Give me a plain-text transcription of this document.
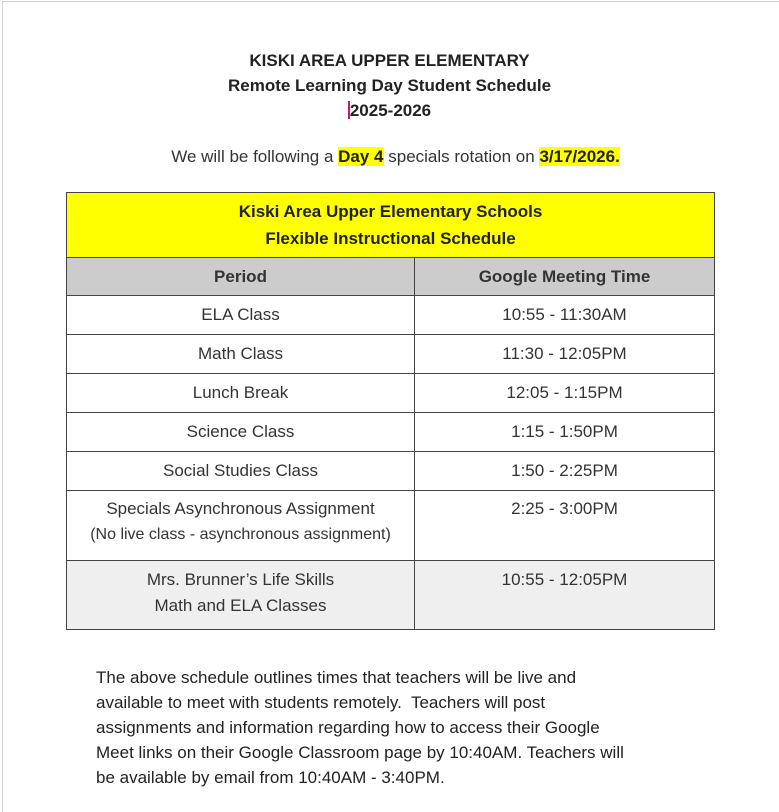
KISKI AREA UPPER ELEMENTARY
Remote Learning Day Student Schedule
2025-2026
We will be following a Day 4 specials rotation on 3/17/2026.
Kiski Area Upper Elementary Schools
Flexible Instructional Schedule	

Period	Google Meeting Time
ELA Class	10:55 - 11:30AM
Math Class	11:30 - 12:05PM
Lunch Break	12:05 - 1:15PM
Science Class	1:15 - 1:50PM
Social Studies Class	1:50 - 2:25PM

Specials Asynchronous Assignment
(No live class - asynchronous assignment)	2:25 - 3:00PM

Mrs. Brunner’s Life Skills
Math and ELA Classes	10:55 - 12:05PM
The above schedule outlines times that teachers will be live and
available to meet with students remotely.  Teachers will post
assignments and information regarding how to access their Google
Meet links on their Google Classroom page by 10:40AM. Teachers will
be available by email from 10:40AM - 3:40PM.
